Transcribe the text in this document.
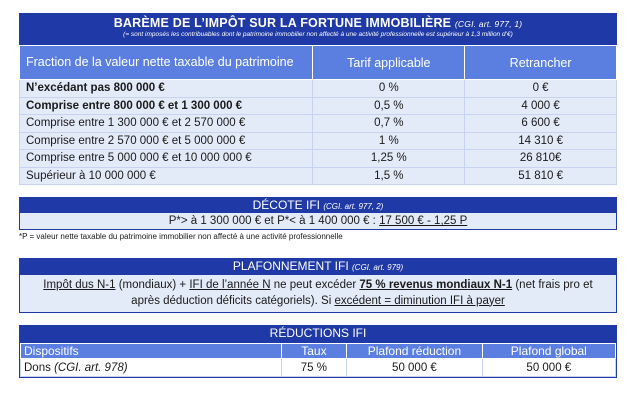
BARÈME DE L’IMPÔT SUR LA FORTUNE IMMOBILIÈRE (CGI. art. 977, 1)
(= sont imposés les contribuables dont le patrimoine immobilier non affecté à une activité professionnelle est supérieur à 1,3 million d’€)
Fraction de la valeur nette taxable du patrimoine	Tarif applicable	Retrancher
N’excédant pas 800 000 €	0 %	0 €
Comprise entre 800 000 € et 1 300 000 €	0,5 %	4 000 €
Comprise entre 1 300 000 € et 2 570 000 €	0,7 %	6 600 €
Comprise entre 2 570 000 € et 5 000 000 €	1 %	14 310 €
Comprise entre 5 000 000 € et 10 000 000 €	1,25 %	26 810€
Supérieur à 10 000 000 €	1,5 %	51 810 €
DÉCOTE IFI (CGI. art. 977, 2)
P*> à 1 300 000 € et P*< à 1 400 000 € : 17 500 € - 1,25 P
*P = valeur nette taxable du patrimoine immobilier non affecté à une activité professionnelle
PLAFONNEMENT IFI (CGI. art. 979)
Impôt dus N-1 (mondiaux) + IFI de l’année N ne peut excéder 75 % revenus mondiaux N-1 (net frais pro et après déduction déficits catégoriels). Si excédent = diminution IFI à payer
RÉDUCTIONS IFI
Dispositifs	Taux	Plafond réduction	Plafond global
Dons (CGI. art. 978)	75 %	50 000 €	50 000 €
